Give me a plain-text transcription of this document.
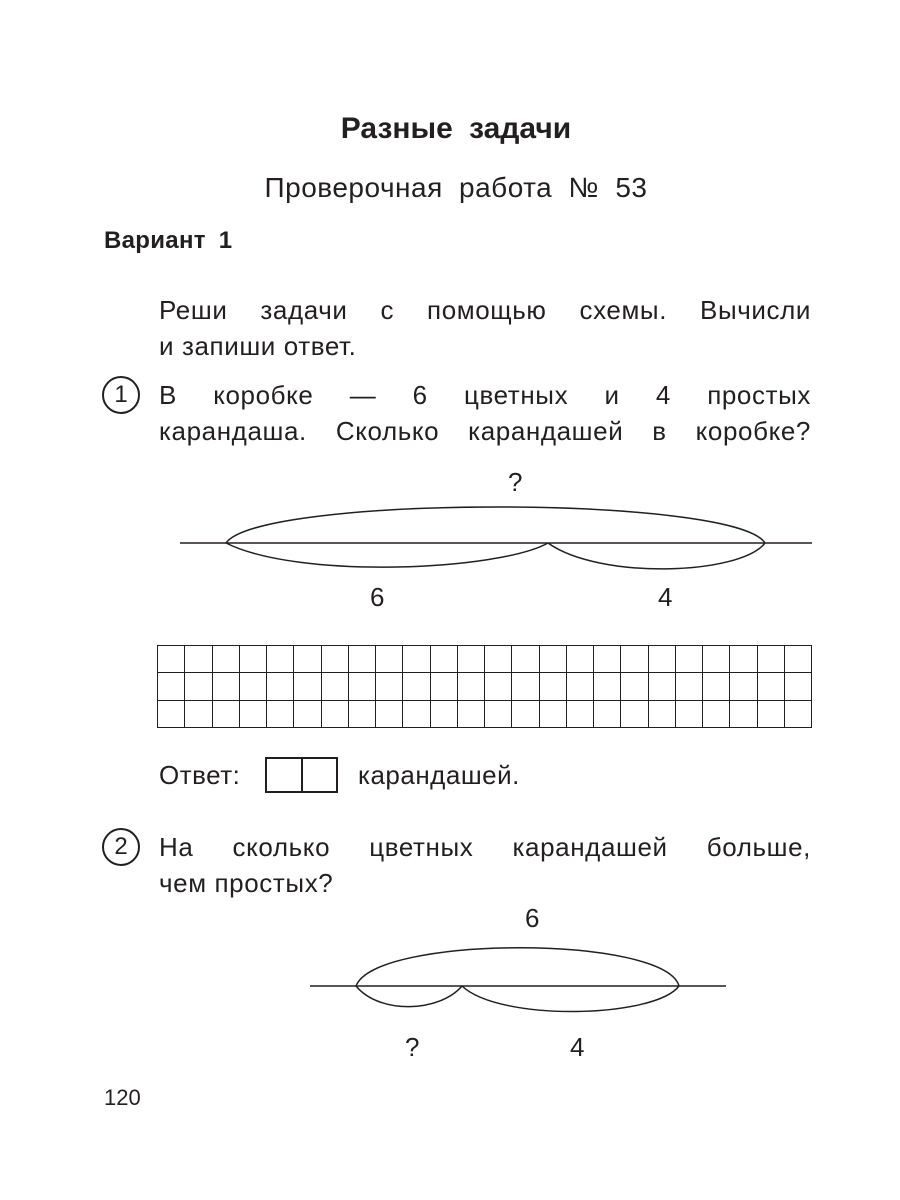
Разные задачи
Проверочная работа № 53
Вариант 1
Реши задачи с помощью схемы. Вычисли
и запиши ответ.
1	В коробке — 6 цветных и 4 простых
карандаша. Сколько карандашей в коробке?
?
6	4
Ответ:	карандашей.
2	На сколько цветных карандашей больше,
чем простых?
6
?	4
120
